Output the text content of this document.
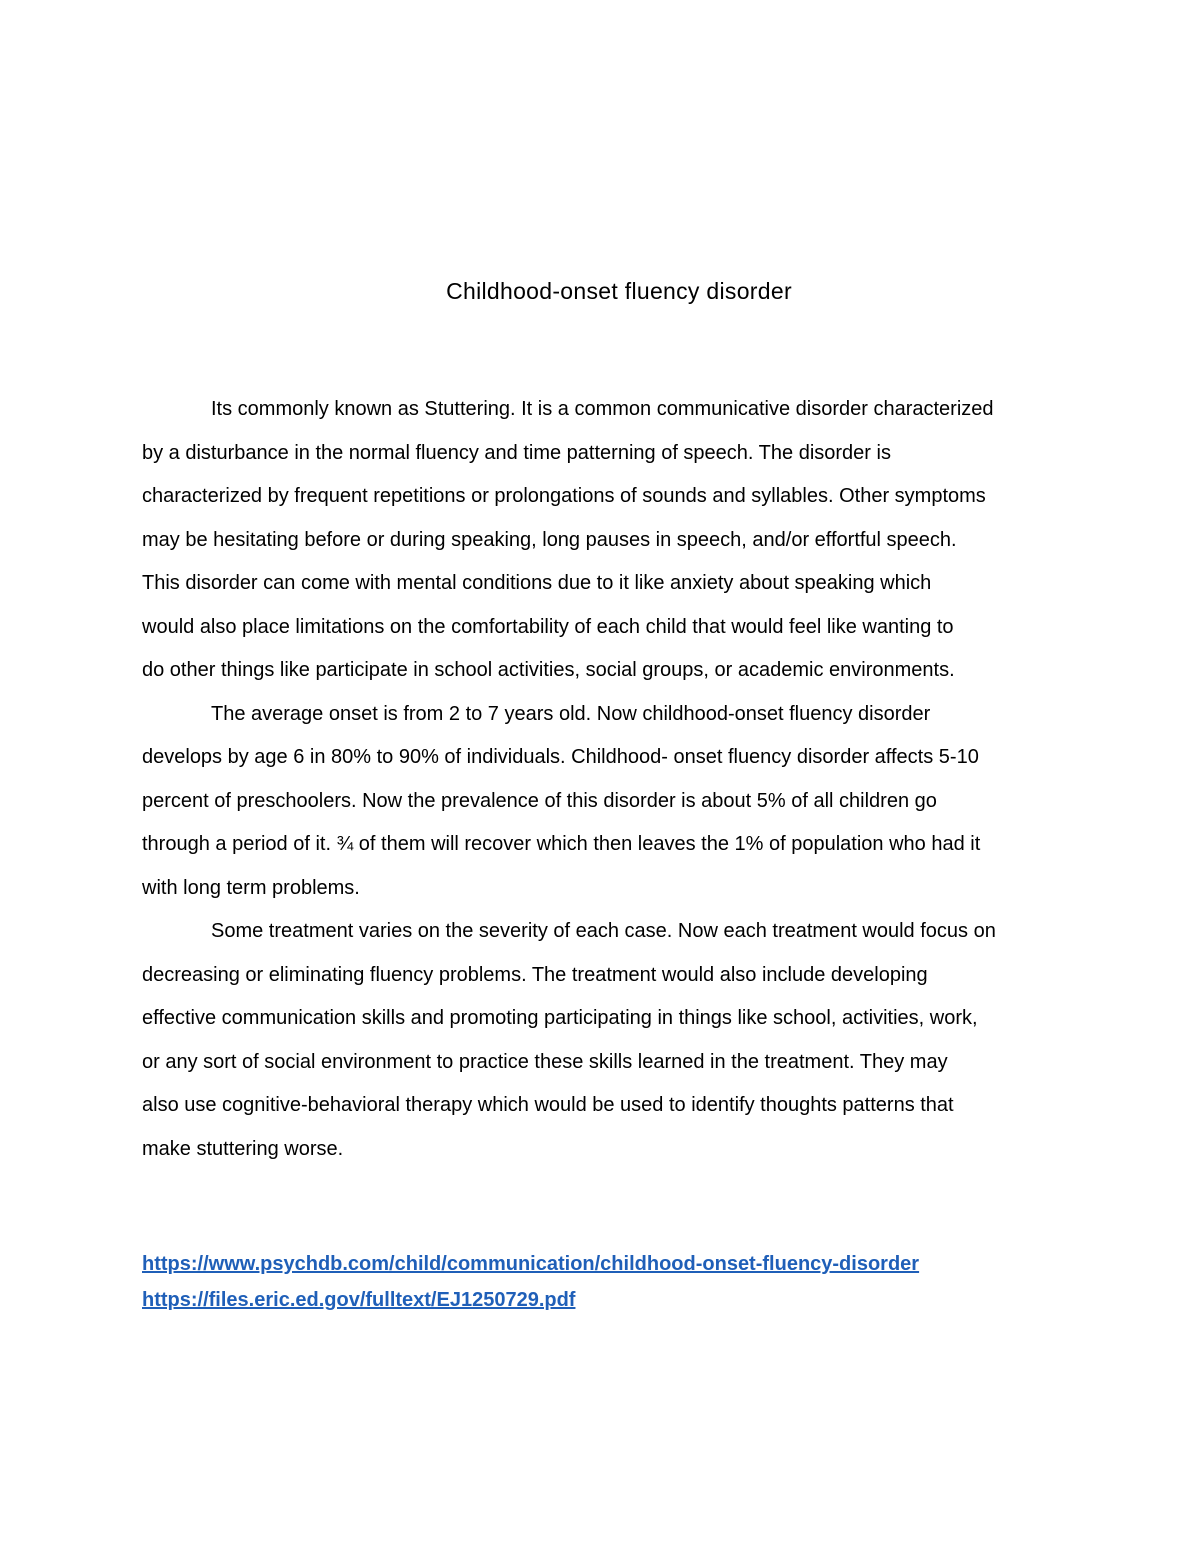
Childhood-onset fluency disorder

Its commonly known as Stuttering. It is a common communicative disorder characterized
by a disturbance in the normal fluency and time patterning of speech. The disorder is
characterized by frequent repetitions or prolongations of sounds and syllables. Other symptoms
may be hesitating before or during speaking, long pauses in speech, and/or effortful speech.
This disorder can come with mental conditions due to it like anxiety about speaking which
would also place limitations on the comfortability of each child that would feel like wanting to
do other things like participate in school activities, social groups, or academic environments.

The average onset is from 2 to 7 years old. Now childhood-onset fluency disorder
develops by age 6 in 80% to 90% of individuals. Childhood- onset fluency disorder affects 5-10
percent of preschoolers. Now the prevalence of this disorder is about 5% of all children go
through a period of it. ¾ of them will recover which then leaves the 1% of population who had it
with long term problems.

Some treatment varies on the severity of each case. Now each treatment would focus on
decreasing or eliminating fluency problems. The treatment would also include developing
effective communication skills and promoting participating in things like school, activities, work,
or any sort of social environment to practice these skills learned in the treatment. They may
also use cognitive-behavioral therapy which would be used to identify thoughts patterns that
make stuttering worse.

https://www.psychdb.com/child/communication/childhood-onset-fluency-disorder
https://files.eric.ed.gov/fulltext/EJ1250729.pdf
